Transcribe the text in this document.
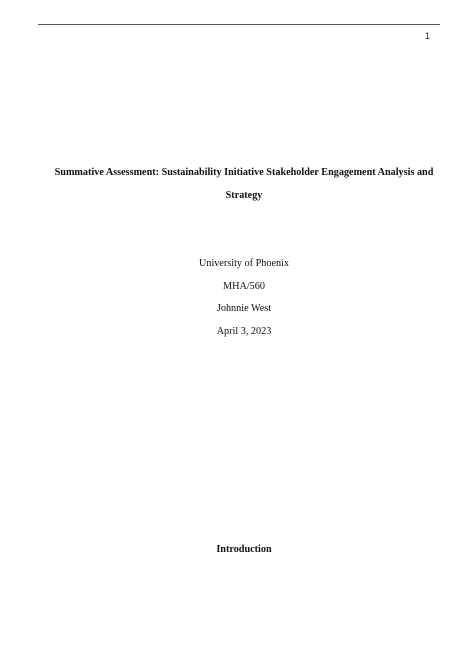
1
Summative Assessment: Sustainability Initiative Stakeholder Engagement Analysis and
Strategy
University of Phoenix
MHA/560
Johnnie West
April 3, 2023
Introduction
